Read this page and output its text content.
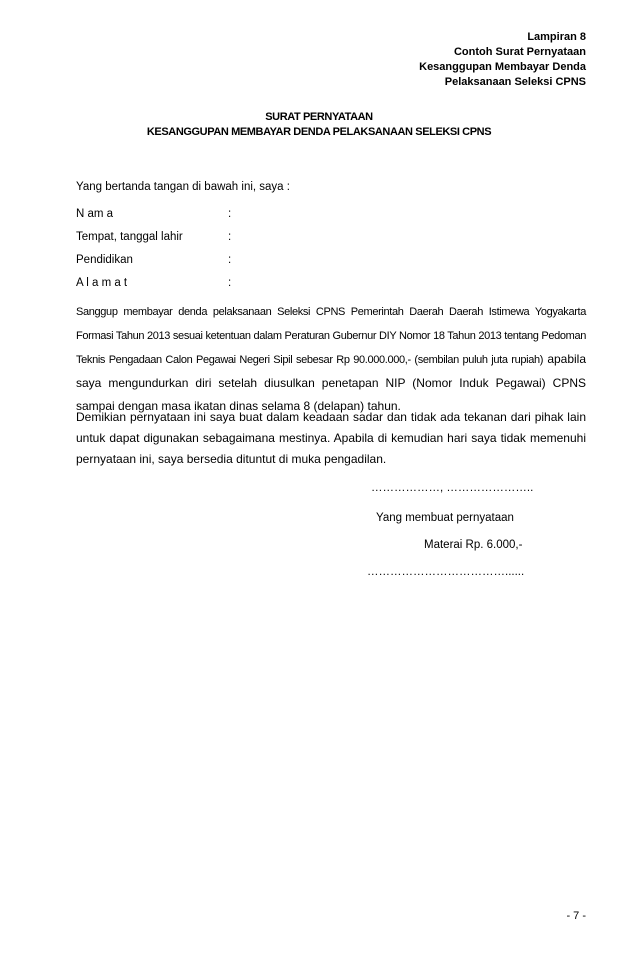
Lampiran 8
Contoh Surat Pernyataan
Kesanggupan Membayar Denda
Pelaksanaan Seleksi CPNS
SURAT PERNYATAAN
KESANGGUPAN MEMBAYAR DENDA PELAKSANAAN SELEKSI CPNS
Yang bertanda tangan di bawah ini, saya :
N am a	:
Tempat, tanggal lahir	:
Pendidikan	:
A l a m a t	:
Sanggup membayar denda pelaksanaan Seleksi CPNS Pemerintah Daerah Daerah Istimewa Yogyakarta Formasi Tahun 2013 sesuai ketentuan dalam Peraturan Gubernur DIY Nomor 18 Tahun 2013 tentang Pedoman Teknis Pengadaan Calon Pegawai Negeri Sipil sebesar Rp 90.000.000,- (sembilan puluh juta rupiah) apabila saya mengundurkan diri setelah diusulkan penetapan NIP (Nomor Induk Pegawai) CPNS sampai dengan masa ikatan dinas selama 8 (delapan) tahun.
Demikian pernyataan ini saya buat dalam keadaan sadar dan tidak ada tekanan dari pihak lain untuk dapat digunakan sebagaimana mestinya. Apabila di kemudian hari saya tidak memenuhi pernyataan ini, saya bersedia dituntut di muka pengadilan.
………………, …………………..
Yang membuat pernyataan
Materai Rp. 6.000,-
………………………………......
- 7 -
